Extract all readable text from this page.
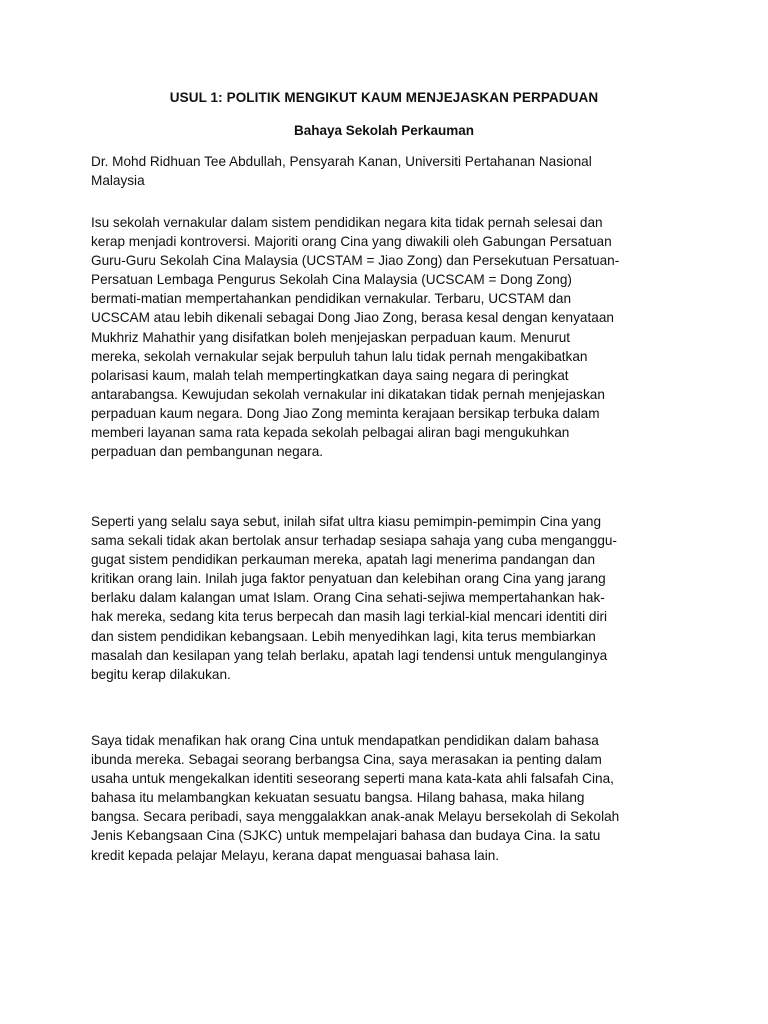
USUL 1: POLITIK MENGIKUT KAUM MENJEJASKAN PERPADUAN
Bahaya Sekolah Perkauman
Dr. Mohd Ridhuan Tee Abdullah, Pensyarah Kanan, Universiti Pertahanan Nasional
Malaysia
Isu sekolah vernakular dalam sistem pendidikan negara kita tidak pernah selesai dan
kerap menjadi kontroversi. Majoriti orang Cina yang diwakili oleh Gabungan Persatuan
Guru-Guru Sekolah Cina Malaysia (UCSTAM = Jiao Zong) dan Persekutuan Persatuan-
Persatuan Lembaga Pengurus Sekolah Cina Malaysia (UCSCAM = Dong Zong)
bermati-matian mempertahankan pendidikan vernakular. Terbaru, UCSTAM dan
UCSCAM atau lebih dikenali sebagai Dong Jiao Zong, berasa kesal dengan kenyataan
Mukhriz Mahathir yang disifatkan boleh menjejaskan perpaduan kaum. Menurut
mereka, sekolah vernakular sejak berpuluh tahun lalu tidak pernah mengakibatkan
polarisasi kaum, malah telah mempertingkatkan daya saing negara di peringkat
antarabangsa. Kewujudan sekolah vernakular ini dikatakan tidak pernah menjejaskan
perpaduan kaum negara. Dong Jiao Zong meminta kerajaan bersikap terbuka dalam
memberi layanan sama rata kepada sekolah pelbagai aliran bagi mengukuhkan
perpaduan dan pembangunan negara.
Seperti yang selalu saya sebut, inilah sifat ultra kiasu pemimpin-pemimpin Cina yang
sama sekali tidak akan bertolak ansur terhadap sesiapa sahaja yang cuba menganggu-
gugat sistem pendidikan perkauman mereka, apatah lagi menerima pandangan dan
kritikan orang lain. Inilah juga faktor penyatuan dan kelebihan orang Cina yang jarang
berlaku dalam kalangan umat Islam. Orang Cina sehati-sejiwa mempertahankan hak-
hak mereka, sedang kita terus berpecah dan masih lagi terkial-kial mencari identiti diri
dan sistem pendidikan kebangsaan. Lebih menyedihkan lagi, kita terus membiarkan
masalah dan kesilapan yang telah berlaku, apatah lagi tendensi untuk mengulanginya
begitu kerap dilakukan.
Saya tidak menafikan hak orang Cina untuk mendapatkan pendidikan dalam bahasa
ibunda mereka. Sebagai seorang berbangsa Cina, saya merasakan ia penting dalam
usaha untuk mengekalkan identiti seseorang seperti mana kata-kata ahli falsafah Cina,
bahasa itu melambangkan kekuatan sesuatu bangsa. Hilang bahasa, maka hilang
bangsa. Secara peribadi, saya menggalakkan anak-anak Melayu bersekolah di Sekolah
Jenis Kebangsaan Cina (SJKC) untuk mempelajari bahasa dan budaya Cina. Ia satu
kredit kepada pelajar Melayu, kerana dapat menguasai bahasa lain.
